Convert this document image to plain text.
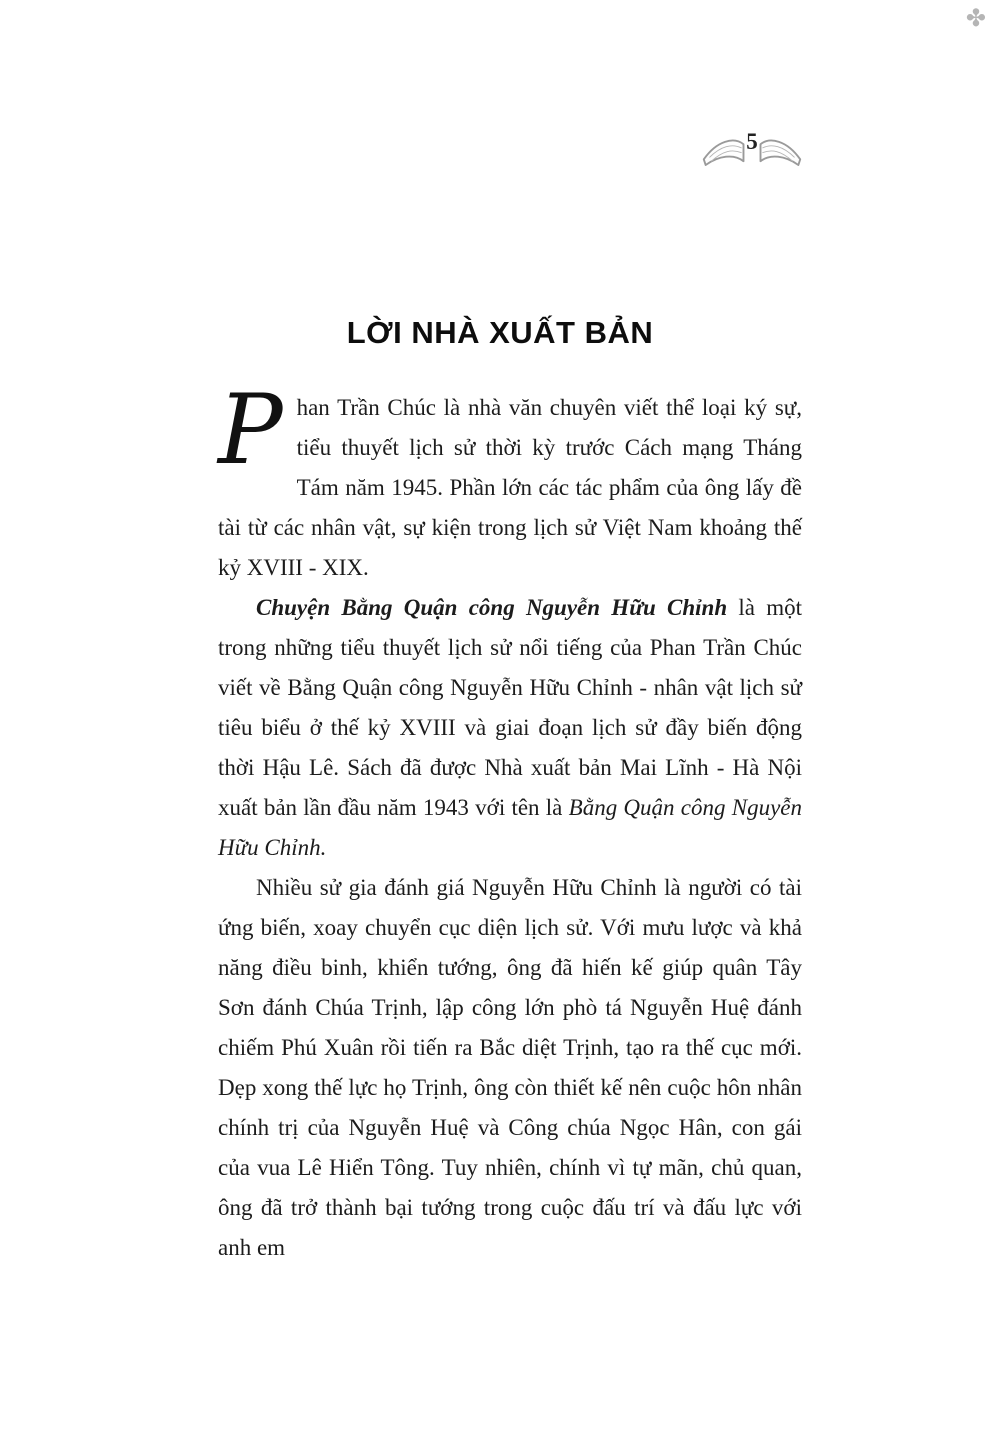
✤
5
LỜI NHÀ XUẤT BẢN

Phan Trần Chúc là nhà văn chuyên viết thể loại ký sự, tiểu thuyết lịch sử thời kỳ trước Cách mạng Tháng Tám năm 1945. Phần lớn các tác phẩm của ông lấy đề tài từ các nhân vật, sự kiện trong lịch sử Việt Nam khoảng thế kỷ XVIII - XIX.

Chuyện Bằng Quận công Nguyễn Hữu Chỉnh là một trong những tiểu thuyết lịch sử nổi tiếng của Phan Trần Chúc viết về Bằng Quận công Nguyễn Hữu Chỉnh - nhân vật lịch sử tiêu biểu ở thế kỷ XVIII và giai đoạn lịch sử đầy biến động thời Hậu Lê. Sách đã được Nhà xuất bản Mai Lĩnh - Hà Nội xuất bản lần đầu năm 1943 với tên là Bằng Quận công Nguyễn Hữu Chỉnh.

Nhiều sử gia đánh giá Nguyễn Hữu Chỉnh là người có tài ứng biến, xoay chuyển cục diện lịch sử. Với mưu lược và khả năng điều binh, khiển tướng, ông đã hiến kế giúp quân Tây Sơn đánh Chúa Trịnh, lập công lớn phò tá Nguyễn Huệ đánh chiếm Phú Xuân rồi tiến ra Bắc diệt Trịnh, tạo ra thế cục mới. Dẹp xong thế lực họ Trịnh, ông còn thiết kế nên cuộc hôn nhân chính trị của Nguyễn Huệ và Công chúa Ngọc Hân, con gái của vua Lê Hiển Tông. Tuy nhiên, chính vì tự mãn, chủ quan, ông đã trở thành bại tướng trong cuộc đấu trí và đấu lực với anh em
